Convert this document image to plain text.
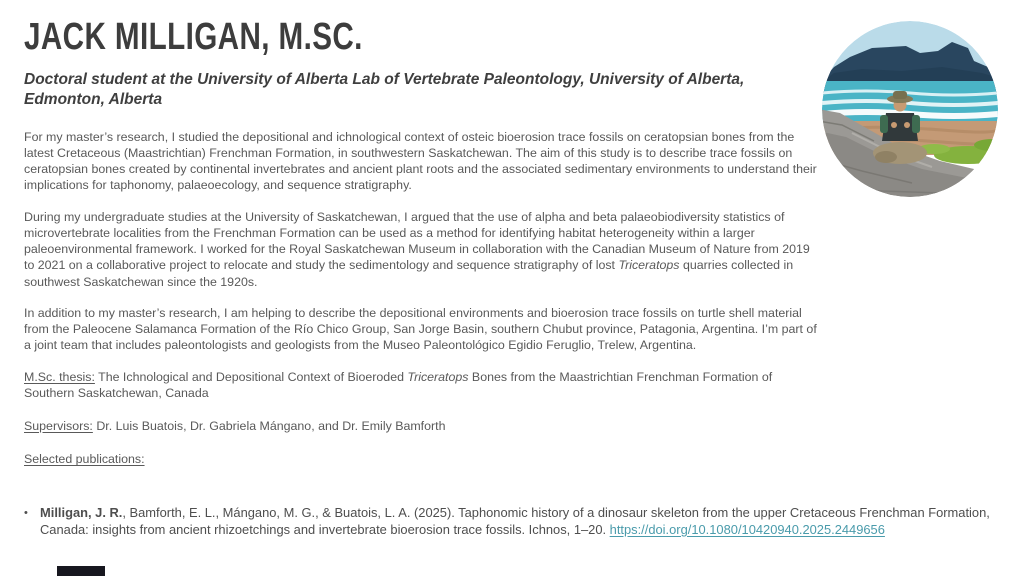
JACK MILLIGAN, M.SC.
Doctoral student at the University of Alberta Lab of Vertebrate Paleontology, University of Alberta, Edmonton, Alberta

For my master’s research, I studied the depositional and ichnological context of osteic bioerosion trace fossils on ceratopsian bones from the latest Cretaceous (Maastrichtian) Frenchman Formation, in southwestern Saskatchewan. The aim of this study is to describe trace fossils on ceratopsian bones created by continental invertebrates and ancient plant roots and the associated sedimentary environments to understand their implications for taphonomy, palaeoecology, and sequence stratigraphy.

During my undergraduate studies at the University of Saskatchewan, I argued that the use of alpha and beta palaeobiodiversity statistics of microvertebrate localities from the Frenchman Formation can be used as a method for identifying habitat heterogeneity within a larger paleoenvironmental framework. I worked for the Royal Saskatchewan Museum in collaboration with the Canadian Museum of Nature from 2019 to 2021 on a collaborative project to relocate and study the sedimentology and sequence stratigraphy of lost Triceratops quarries collected in southwest Saskatchewan since the 1920s.

In addition to my master’s research, I am helping to describe the depositional environments and bioerosion trace fossils on turtle shell material from the Paleocene Salamanca Formation of the Río Chico Group, San Jorge Basin, southern Chubut province, Patagonia, Argentina. I’m part of a joint team that includes paleontologists and geologists from the Museo Paleontológico Egidio Feruglio, Trelew, Argentina.

M.Sc. thesis: The Ichnological and Depositional Context of Bioeroded Triceratops Bones from the Maastrichtian Frenchman Formation of Southern Saskatchewan, Canada
Supervisors: Dr. Luis Buatois, Dr. Gabriela Mángano, and Dr. Emily Bamforth
Selected publications:
• Milligan, J. R., Bamforth, E. L., Mángano, M. G., & Buatois, L. A. (2025). Taphonomic history of a dinosaur skeleton from the upper Cretaceous Frenchman Formation, Canada: insights from ancient rhizoetchings and invertebrate bioerosion trace fossils. Ichnos, 1–20. https://doi.org/10.1080/10420940.2025.2449656
